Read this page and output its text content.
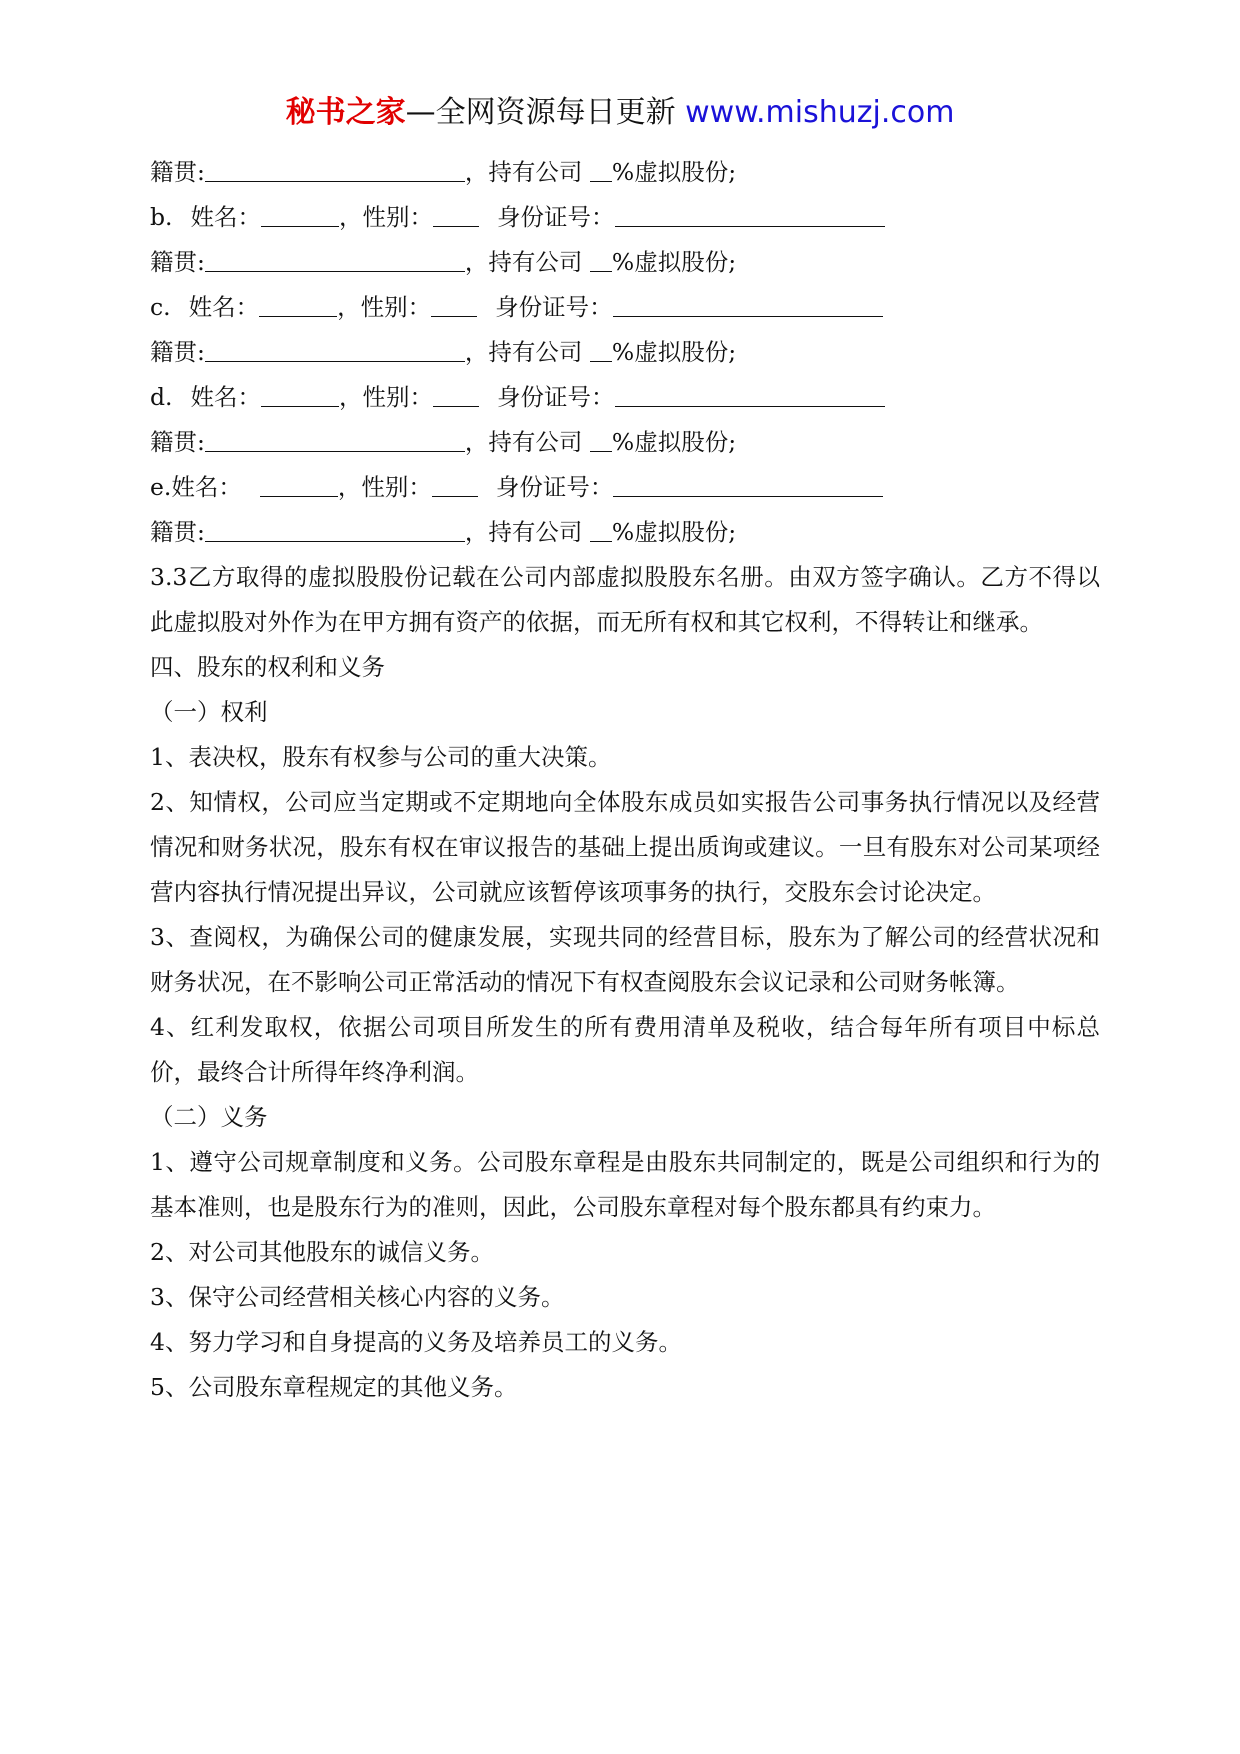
秘书之家—全网资源每日更新 www.mishuzj.com
籍贯:	，持有公司 %虚拟股份;
b. 姓名：	，性别：	身份证号：
籍贯:	，持有公司 %虚拟股份;
c. 姓名：	，性别：	身份证号：
籍贯:	，持有公司 %虚拟股份;
d. 姓名：	，性别：	身份证号：
籍贯:	，持有公司 %虚拟股份;
e.姓名：	，性别：	身份证号：
籍贯:	，持有公司 %虚拟股份;

3.3乙方取得的虚拟股股份记载在公司内部虚拟股股东名册。由双方签字确认。乙方不得以此虚拟股对外作为在甲方拥有资产的依据，而无所有权和其它权利，不得转让和继承。

四、股东的权利和义务

（一）权利

1、表决权，股东有权参与公司的重大决策。

2、知情权，公司应当定期或不定期地向全体股东成员如实报告公司事务执行情况以及经营情况和财务状况，股东有权在审议报告的基础上提出质询或建议。一旦有股东对公司某项经营内容执行情况提出异议，公司就应该暂停该项事务的执行，交股东会讨论决定。

3、查阅权，为确保公司的健康发展，实现共同的经营目标，股东为了解公司的经营状况和财务状况，在不影响公司正常活动的情况下有权查阅股东会议记录和公司财务帐簿。

4、红利发取权，依据公司项目所发生的所有费用清单及税收，结合每年所有项目中标总价，最终合计所得年终净利润。

（二）义务

1、遵守公司规章制度和义务。公司股东章程是由股东共同制定的，既是公司组织和行为的基本准则，也是股东行为的准则，因此，公司股东章程对每个股东都具有约束力。

2、对公司其他股东的诚信义务。

3、保守公司经营相关核心内容的义务。

4、努力学习和自身提高的义务及培养员工的义务。

5、公司股东章程规定的其他义务。
